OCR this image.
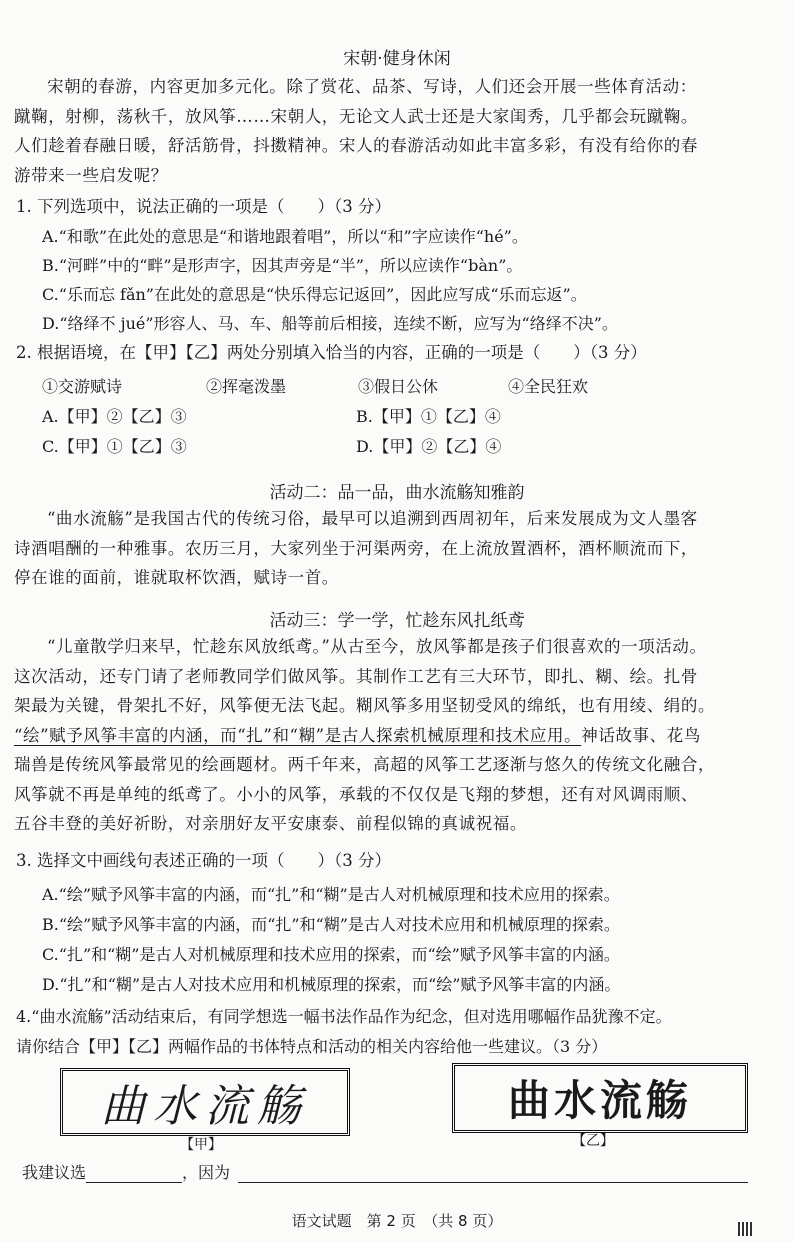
宋朝·健身休闲

宋朝的春游，内容更加多元化。除了赏花、品茶、写诗，人们还会开展一些体育活动：

蹴鞠，射柳，荡秋千，放风筝……宋朝人，无论文人武士还是大家闺秀，几乎都会玩蹴鞠。

人们趁着春融日暖，舒活筋骨，抖擞精神。宋人的春游活动如此丰富多彩，有没有给你的春

游带来一些启发呢？

1. 下列选项中，说法正确的一项是（　　）（3 分）
A.“和歌”在此处的意思是“和谐地跟着唱”，所以“和”字应读作“hé”。
B.“河畔”中的“畔”是形声字，因其声旁是“半”，所以应读作“bàn”。
C.“乐而忘 fǎn”在此处的意思是“快乐得忘记返回”，因此应写成“乐而忘返”。
D.“络绎不 jué”形容人、马、车、船等前后相接，连续不断，应写为“络绎不决”。
2. 根据语境，在【甲】【乙】两处分别填入恰当的内容，正确的一项是（　　）（3 分）
①交游赋诗	②挥毫泼墨	③假日公休	④全民狂欢
A.【甲】②【乙】③	B.【甲】①【乙】④
C.【甲】①【乙】③	D.【甲】②【乙】④
活动二：品一品，曲水流觞知雅韵

“曲水流觞”是我国古代的传统习俗，最早可以追溯到西周初年，后来发展成为文人墨客

诗酒唱酬的一种雅事。农历三月，大家列坐于河渠两旁，在上流放置酒杯，酒杯顺流而下，

停在谁的面前，谁就取杯饮酒，赋诗一首。

活动三：学一学，忙趁东风扎纸鸢

“儿童散学归来早，忙趁东风放纸鸢。”从古至今，放风筝都是孩子们很喜欢的一项活动。

这次活动，还专门请了老师教同学们做风筝。其制作工艺有三大环节，即扎、糊、绘。扎骨

架最为关键，骨架扎不好，风筝便无法飞起。糊风筝多用坚韧受风的绵纸，也有用绫、绢的。

“绘”赋予风筝丰富的内涵，而“扎”和“糊”是古人探索机械原理和技术应用。神话故事、花鸟

瑞兽是传统风筝最常见的绘画题材。两千年来，高超的风筝工艺逐渐与悠久的传统文化融合，

风筝就不再是单纯的纸鸢了。小小的风筝，承载的不仅仅是飞翔的梦想，还有对风调雨顺、

五谷丰登的美好祈盼，对亲朋好友平安康泰、前程似锦的真诚祝福。

3. 选择文中画线句表述正确的一项（　　）（3 分）
A.“绘”赋予风筝丰富的内涵，而“扎”和“糊”是古人对机械原理和技术应用的探索。
B.“绘”赋予风筝丰富的内涵，而“扎”和“糊”是古人对技术应用和机械原理的探索。
C.“扎”和“糊”是古人对机械原理和技术应用的探索，而“绘”赋予风筝丰富的内涵。
D.“扎”和“糊”是古人对技术应用和机械原理的探索，而“绘”赋予风筝丰富的内涵。
4.“曲水流觞”活动结束后，有同学想选一幅书法作品作为纪念，但对选用哪幅作品犹豫不定。
请你结合【甲】【乙】两幅作品的书体特点和活动的相关内容给他一些建议。（3 分）
曲水流觞
【甲】
曲水流觞
【乙】
我建议选	，因为
语文试题　第 2 页　（共 8 页）
